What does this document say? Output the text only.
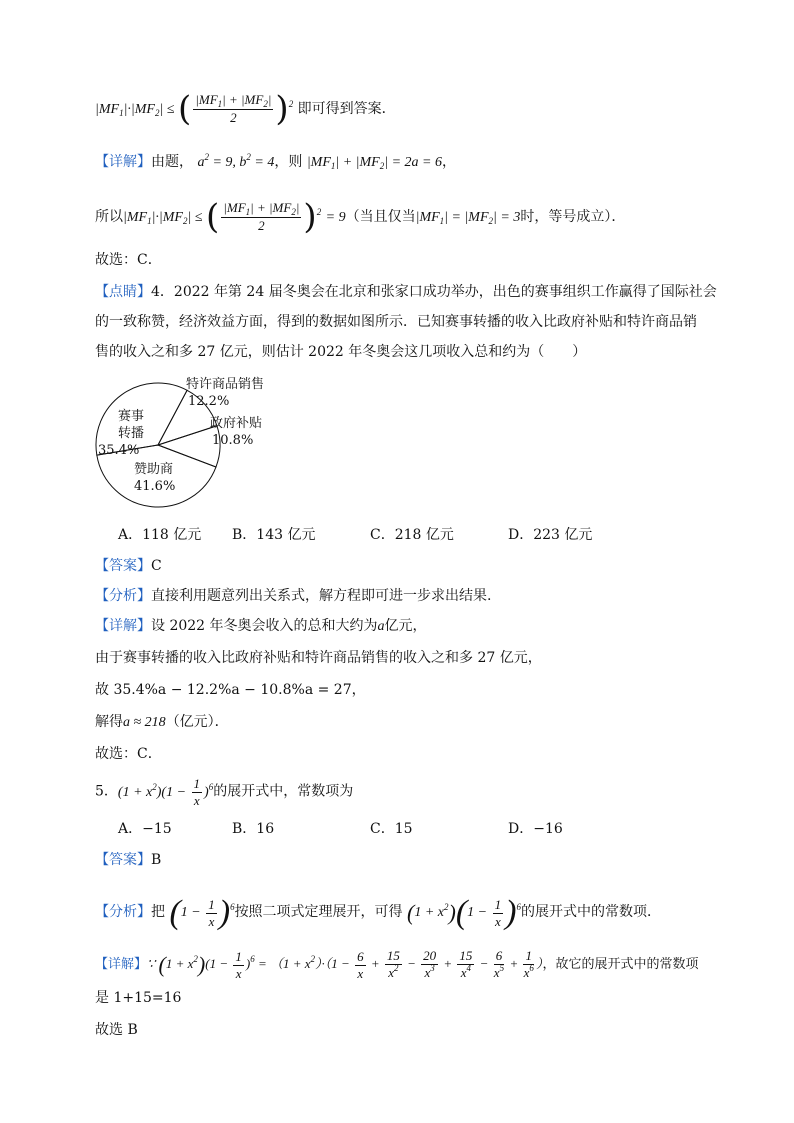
$|MF_1|\cdot|MF_2|$ ≤ ( $\frac{|MF_1| + |MF_2|}{2} )^2$ 即可得到答案．
【详解】由题， $a^2 = 9$, $b^2 = 4$，则 $|MF_1| + |MF_2| = 2a = 6$，
所以$|MF_1|\cdot|MF_2|$ ≤ ( $\frac{|MF_1| + |MF_2|}{2} )^2 = 9$（当且仅当$|MF_1| = |MF_2| = 3$时，等号成立）．
故选：C．
【点睛】4．2022 年第 24 届冬奥会在北京和张家口成功举办，出色的赛事组织工作赢得了国际社会
的一致称赞，经济效益方面，得到的数据如图所示．已知赛事转播的收入比政府补贴和特许商品销
售的收入之和多 27 亿元，则估计 2022 年冬奥会这几项收入总和约为（　　）
特许商品销售
12.2%
政府补贴
10.8%
赞助商
41.6%
赛事
转播
35.4%
A．118 亿元 B．143 亿元	C．218 亿元	D．223 亿元
【答案】C
【分析】直接利用题意列出关系式，解方程即可进一步求出结果.
【详解】设 2022 年冬奥会收入的总和大约为a亿元，
由于赛事转播的收入比政府补贴和特许商品销售的收入之和多 27 亿元，
故 35.4%a − 12.2%a − 10.8%a = 27，
解得a ≈ 218（亿元）．
故选：C．
5．$(1 + x^2)(1 - \frac{1}{x} )^6$的展开式中，常数项为
A．−15	B．16	C．15	D．−16
【答案】B
【分析】把 $(1 - \frac{1}{x} )^6$按照二项式定理展开，可得 $(1 + x^2)(1 - \frac{1}{x} )^6$的展开式中的常数项．
【详解】∵ $(1 + x^2)(1 - \frac{1}{x} )^6 = (1 + x^2)\cdot(1 - \frac{6}{x} + \frac{15}{x^2} - \frac{20}{x^3} + \frac{15}{x^4} - \frac{6}{x^5} + \frac{1}{x^6}$ ），故它的展开式中的常数项
是 1+15=16
故选 B
